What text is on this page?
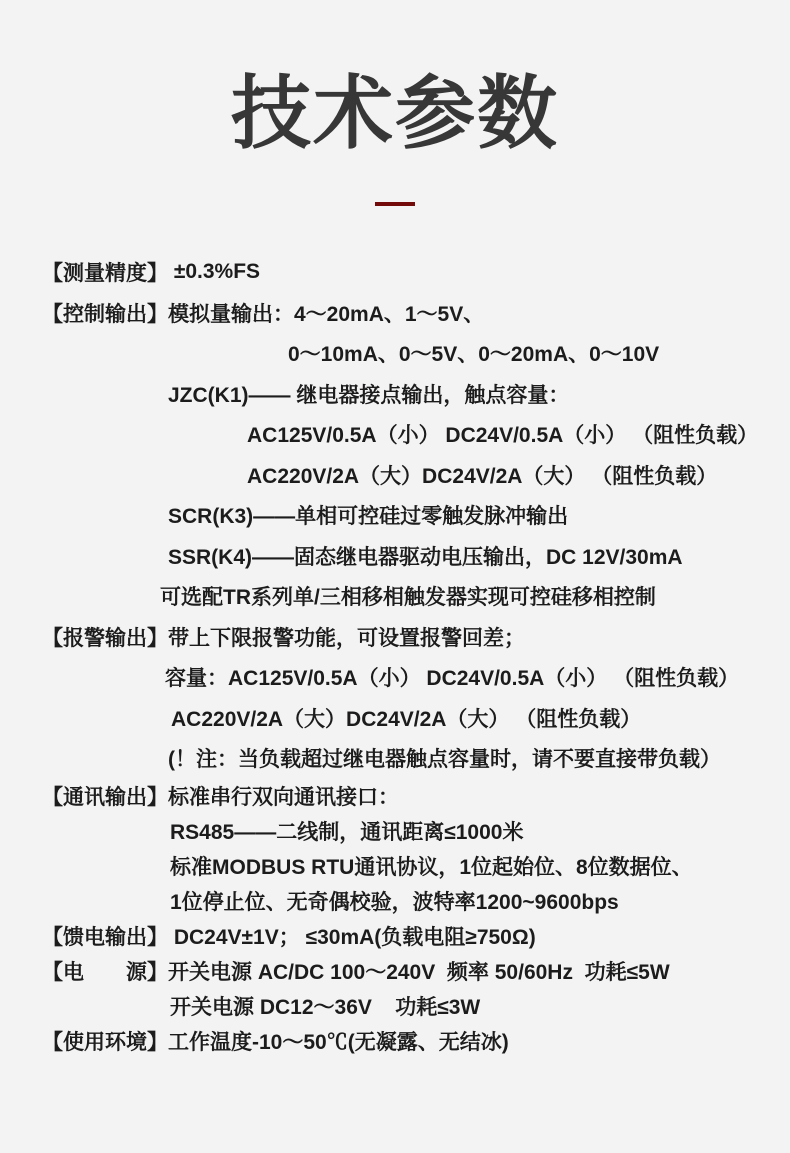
技术参数
【测量精度】 ±0.3%FS
【控制输出】 模拟量输出：4～20mA、1～5V、
0～10mA、0～5V、0～20mA、0～10V
JZC(K1)—— 继电器接点输出，触点容量：
AC125V/0.5A（小） DC24V/0.5A（小） （阻性负载）
AC220V/2A（大）DC24V/2A（大） （阻性负载）
SCR(K3)——单相可控硅过零触发脉冲输出
SSR(K4)——固态继电器驱动电压输出，DC 12V/30mA
可选配TR系列单/三相移相触发器实现可控硅移相控制
【报警输出】 带上下限报警功能，可设置报警回差；
容量：AC125V/0.5A（小） DC24V/0.5A（小） （阻性负载）
AC220V/2A（大）DC24V/2A（大） （阻性负载）
(！注：当负载超过继电器触点容量时，请不要直接带负载）
【通讯输出】 标准串行双向通讯接口：
RS485——二线制，通讯距离≤1000米
标准MODBUS RTU通讯协议，1位起始位、8位数据位、
1位停止位、无奇偶校验，波特率1200~9600bps
【馈电输出】 DC24V±1V； ≤30mA(负载电阻≥750Ω)
【电　　源】 开关电源 AC/DC 100～240V  频率 50/60Hz  功耗≤5W
开关电源 DC12～36V    功耗≤3W
【使用环境】 工作温度-10～50℃(无凝露、无结冰)
